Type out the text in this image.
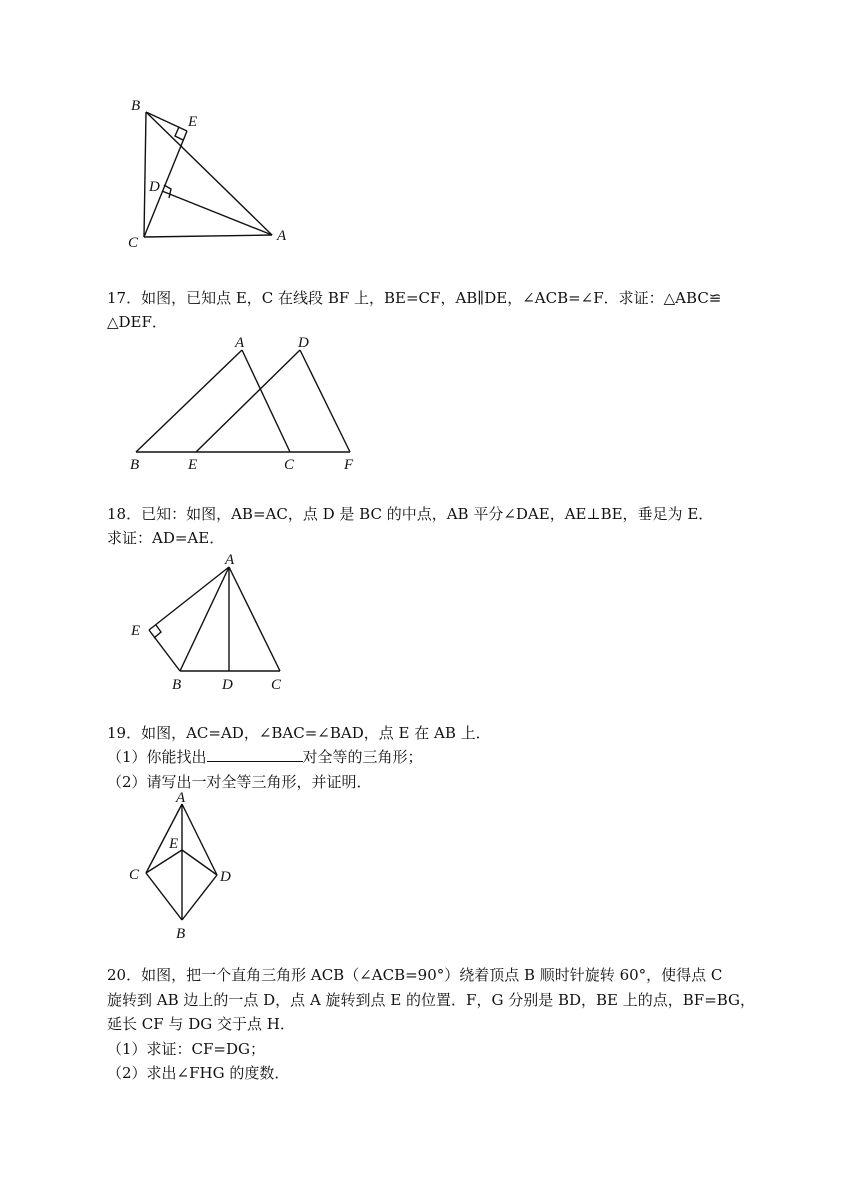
B
E
D
C	A
17．如图，已知点 E，C 在线段 BF 上，BE=CF，AB∥DE，∠ACB=∠F．求证：△ABC≌
△DEF．
A	D
B	E	C	F
18．已知：如图，AB=AC，点 D 是 BC 的中点，AB 平分∠DAE，AE⊥BE，垂足为 E．
求证：AD=AE．
A
E
B	D	C
19．如图，AC=AD，∠BAC=∠BAD，点 E 在 AB 上．
（1）你能找出	对全等的三角形；
（2）请写出一对全等三角形，并证明．
A
E
C	D
B
20．如图，把一个直角三角形 ACB（∠ACB=90°）绕着顶点 B 顺时针旋转 60°，使得点 C
旋转到 AB 边上的一点 D，点 A 旋转到点 E 的位置．F，G 分别是 BD，BE 上的点，BF=BG，
延长 CF 与 DG 交于点 H．
（1）求证：CF=DG；
（2）求出∠FHG 的度数．
